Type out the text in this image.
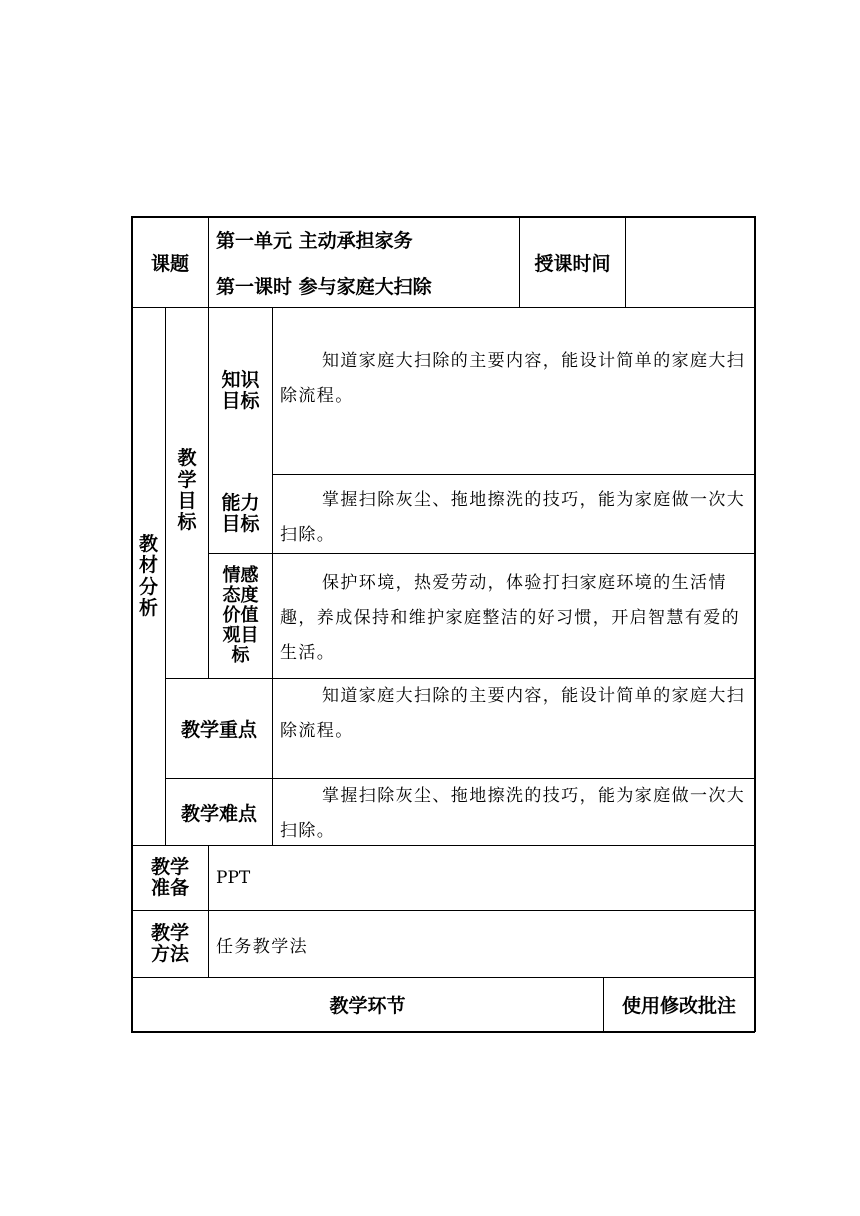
课题
第一单元 主动承担家务
第一课时 参与家庭大扫除
授课时间
教
材
分
析
教
学
目
标
知识
目标
知道家庭大扫除的主要内容，能设计简单的家庭大扫除流程。
能力
目标
掌握扫除灰尘、拖地擦洗的技巧，能为家庭做一次大扫除。
情感
态度
价值
观目
标
保护环境，热爱劳动，体验打扫家庭环境的生活情趣，养成保持和维护家庭整洁的好习惯，开启智慧有爱的生活。
教学重点
知道家庭大扫除的主要内容，能设计简单的家庭大扫除流程。
教学难点
掌握扫除灰尘、拖地擦洗的技巧，能为家庭做一次大扫除。
教学
准备 PPT
教学
方法 任务教学法
教学环节	使用修改批注
